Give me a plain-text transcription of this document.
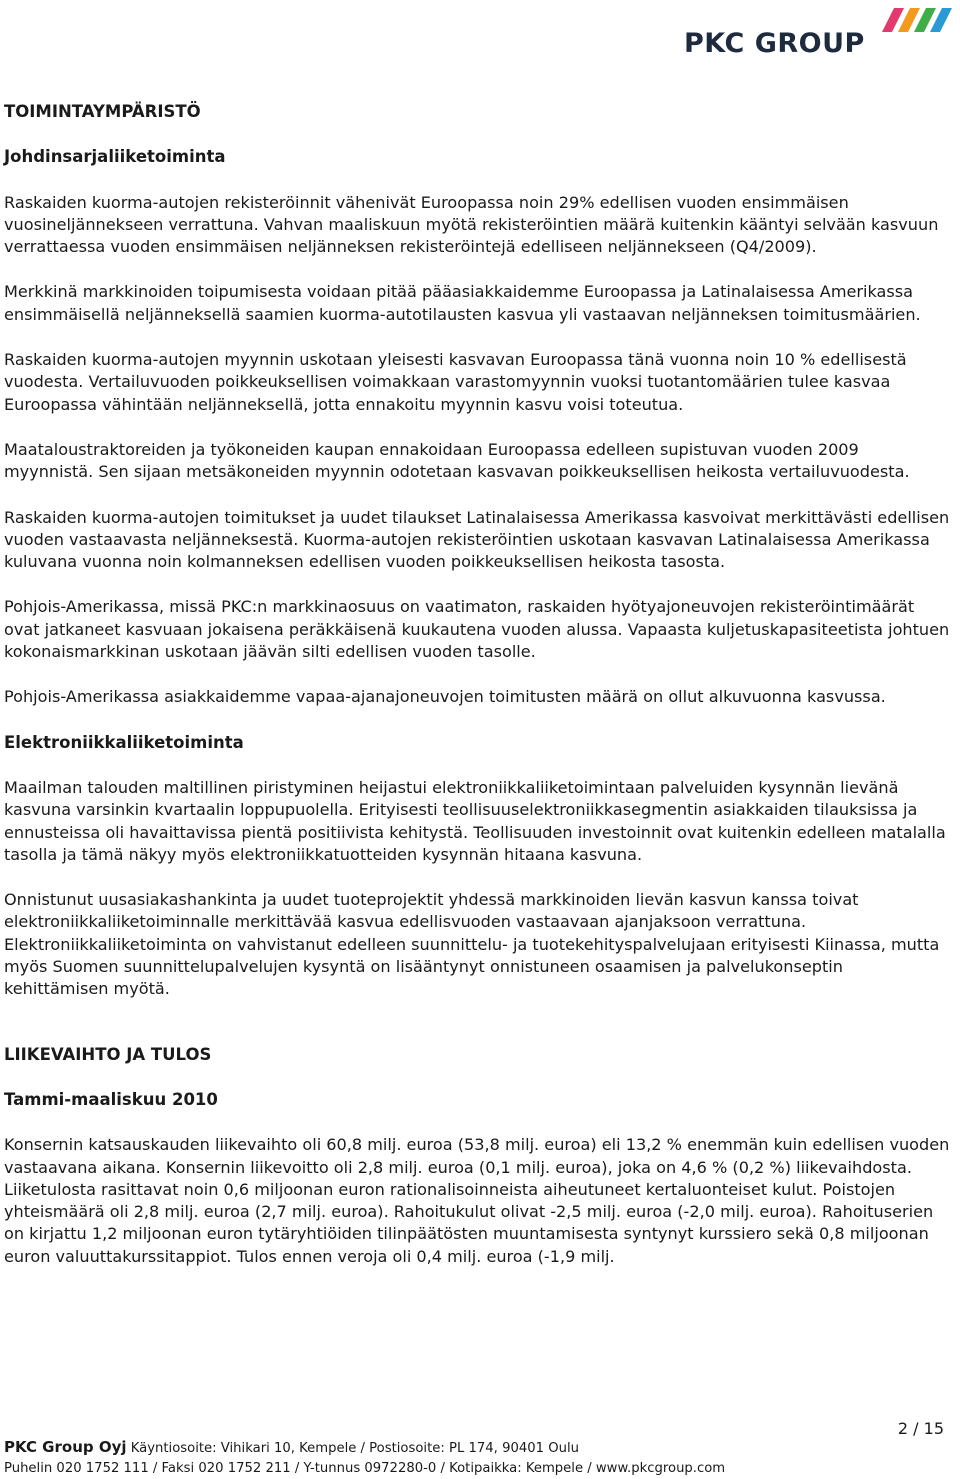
PKC GROUP

TOIMINTAYMPÄRISTÖ

Johdinsarjaliiketoiminta

Raskaiden kuorma-autojen rekisteröinnit vähenivät Euroopassa noin 29% edellisen vuoden ensimmäisen vuosineljännekseen verrattuna. Vahvan maaliskuun myötä rekisteröintien määrä kuitenkin kääntyi selvään kasvuun verrattaessa vuoden ensimmäisen neljänneksen rekisteröintejä edelliseen neljännekseen (Q4/2009).

Merkkinä markkinoiden toipumisesta voidaan pitää pääasiakkaidemme Euroopassa ja Latinalaisessa Amerikassa ensimmäisellä neljänneksellä saamien kuorma-autotilausten kasvua yli vastaavan neljänneksen toimitusmäärien.

Raskaiden kuorma-autojen myynnin uskotaan yleisesti kasvavan Euroopassa tänä vuonna noin 10 % edellisestä vuodesta. Vertailuvuoden poikkeuksellisen voimakkaan varastomyynnin vuoksi tuotantomäärien tulee kasvaa Euroopassa vähintään neljänneksellä, jotta ennakoitu myynnin kasvu voisi toteutua.

Maataloustraktoreiden ja työkoneiden kaupan ennakoidaan Euroopassa edelleen supistuvan vuoden 2009 myynnistä. Sen sijaan metsäkoneiden myynnin odotetaan kasvavan poikkeuksellisen heikosta vertailuvuodesta.

Raskaiden kuorma-autojen toimitukset ja uudet tilaukset Latinalaisessa Amerikassa kasvoivat merkittävästi edellisen vuoden vastaavasta neljänneksestä. Kuorma-autojen rekisteröintien uskotaan kasvavan Latinalaisessa Amerikassa kuluvana vuonna noin kolmanneksen edellisen vuoden poikkeuksellisen heikosta tasosta.

Pohjois-Amerikassa, missä PKC:n markkinaosuus on vaatimaton, raskaiden hyötyajoneuvojen rekisteröintimäärät ovat jatkaneet kasvuaan jokaisena peräkkäisenä kuukautena vuoden alussa. Vapaasta kuljetuskapasiteetista johtuen kokonaismarkkinan uskotaan jäävän silti edellisen vuoden tasolle.

Pohjois-Amerikassa asiakkaidemme vapaa-ajanajoneuvojen toimitusten määrä on ollut alkuvuonna kasvussa.

Elektroniikkaliiketoiminta

Maailman talouden maltillinen piristyminen heijastui elektroniikkaliiketoimintaan palveluiden kysynnän lievänä kasvuna varsinkin kvartaalin loppupuolella. Erityisesti teollisuuselektroniikkasegmentin asiakkaiden tilauksissa ja ennusteissa oli havaittavissa pientä positiivista kehitystä. Teollisuuden investoinnit ovat kuitenkin edelleen matalalla tasolla ja tämä näkyy myös elektroniikkatuotteiden kysynnän hitaana kasvuna.

Onnistunut uusasiakashankinta ja uudet tuoteprojektit yhdessä markkinoiden lievän kasvun kanssa toivat elektroniikkaliiketoiminnalle merkittävää kasvua edellisvuoden vastaavaan ajanjaksoon verrattuna. Elektroniikkaliiketoiminta on vahvistanut edelleen suunnittelu- ja tuotekehityspalvelujaan erityisesti Kiinassa, mutta myös Suomen suunnittelupalvelujen kysyntä on lisääntynyt onnistuneen osaamisen ja palvelukonseptin kehittämisen myötä.

LIIKEVAIHTO JA TULOS

Tammi-maaliskuu 2010

Konsernin katsauskauden liikevaihto oli 60,8 milj. euroa (53,8 milj. euroa) eli 13,2 % enemmän kuin edellisen vuoden vastaavana aikana. Konsernin liikevoitto oli 2,8 milj. euroa (0,1 milj. euroa), joka on 4,6 % (0,2 %) liikevaihdosta. Liiketulosta rasittavat noin 0,6 miljoonan euron rationalisoinneista aiheutuneet kertaluonteiset kulut. Poistojen yhteismäärä oli 2,8 milj. euroa (2,7 milj. euroa). Rahoitukulut olivat -2,5 milj. euroa (-2,0 milj. euroa). Rahoituserien on kirjattu 1,2 miljoonan euron tytäryhtiöiden tilinpäätösten muuntamisesta syntynyt kurssiero sekä 0,8 miljoonan euron valuuttakurssitappiot. Tulos ennen veroja oli 0,4 milj. euroa (-1,9 milj.

2 / 15
PKC Group Oyj Käyntiosoite: Vihikari 10, Kempele / Postiosoite: PL 174, 90401 Oulu
Puhelin 020 1752 111 / Faksi 020 1752 211 / Y-tunnus 0972280-0 / Kotipaikka: Kempele / www.pkcgroup.com
